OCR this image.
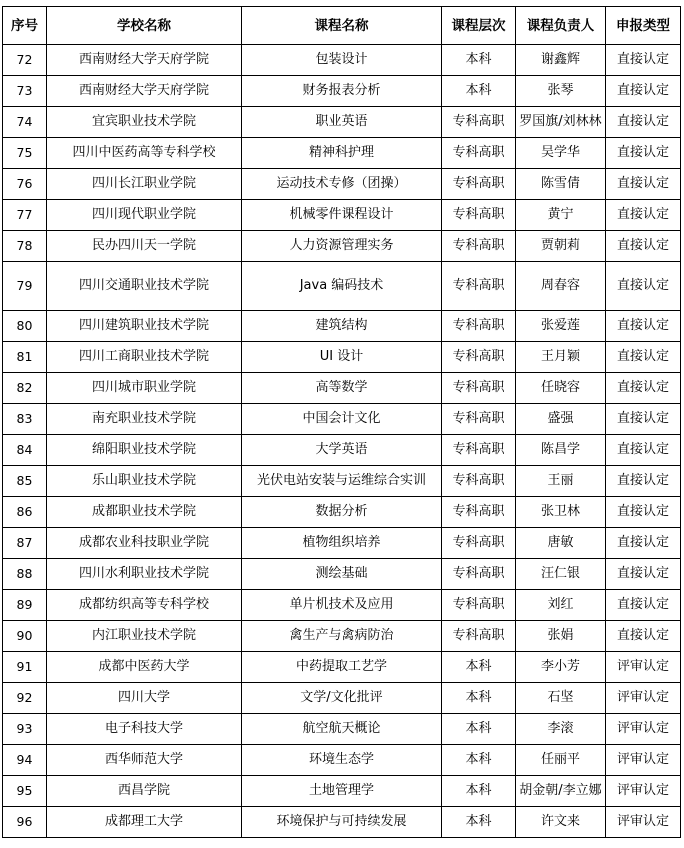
序号	学校名称	课程名称	课程层次	课程负责人	申报类型
72	西南财经大学天府学院	包装设计	本科	谢鑫辉	直接认定
73	西南财经大学天府学院	财务报表分析	本科	张琴	直接认定
74	宜宾职业技术学院	职业英语	专科高职	罗国旗/刘林林	直接认定
75	四川中医药高等专科学校	精神科护理	专科高职	吴学华	直接认定
76	四川长江职业学院	运动技术专修（团操）	专科高职	陈雪倩	直接认定
77	四川现代职业学院	机械零件课程设计	专科高职	黄宁	直接认定
78	民办四川天一学院	人力资源管理实务	专科高职	贾朝莉	直接认定
79	四川交通职业技术学院	Java 编码技术	专科高职	周春容	直接认定
80	四川建筑职业技术学院	建筑结构	专科高职	张爱莲	直接认定
81	四川工商职业技术学院	UI 设计	专科高职	王月颖	直接认定
82	四川城市职业学院	高等数学	专科高职	任晓容	直接认定
83	南充职业技术学院	中国会计文化	专科高职	盛强	直接认定
84	绵阳职业技术学院	大学英语	专科高职	陈昌学	直接认定
85	乐山职业技术学院	光伏电站安装与运维综合实训	专科高职	王丽	直接认定
86	成都职业技术学院	数据分析	专科高职	张卫林	直接认定
87	成都农业科技职业学院	植物组织培养	专科高职	唐敏	直接认定
88	四川水利职业技术学院	测绘基础	专科高职	汪仁银	直接认定
89	成都纺织高等专科学校	单片机技术及应用	专科高职	刘红	直接认定
90	内江职业技术学院	禽生产与禽病防治	专科高职	张娟	直接认定
91	成都中医药大学	中药提取工艺学	本科	李小芳	评审认定
92	四川大学	文学/文化批评	本科	石坚	评审认定
93	电子科技大学	航空航天概论	本科	李滚	评审认定
94	西华师范大学	环境生态学	本科	任丽平	评审认定
95	西昌学院	土地管理学	本科	胡金朝/李立娜	评审认定
96	成都理工大学	环境保护与可持续发展	本科	许文来	评审认定
